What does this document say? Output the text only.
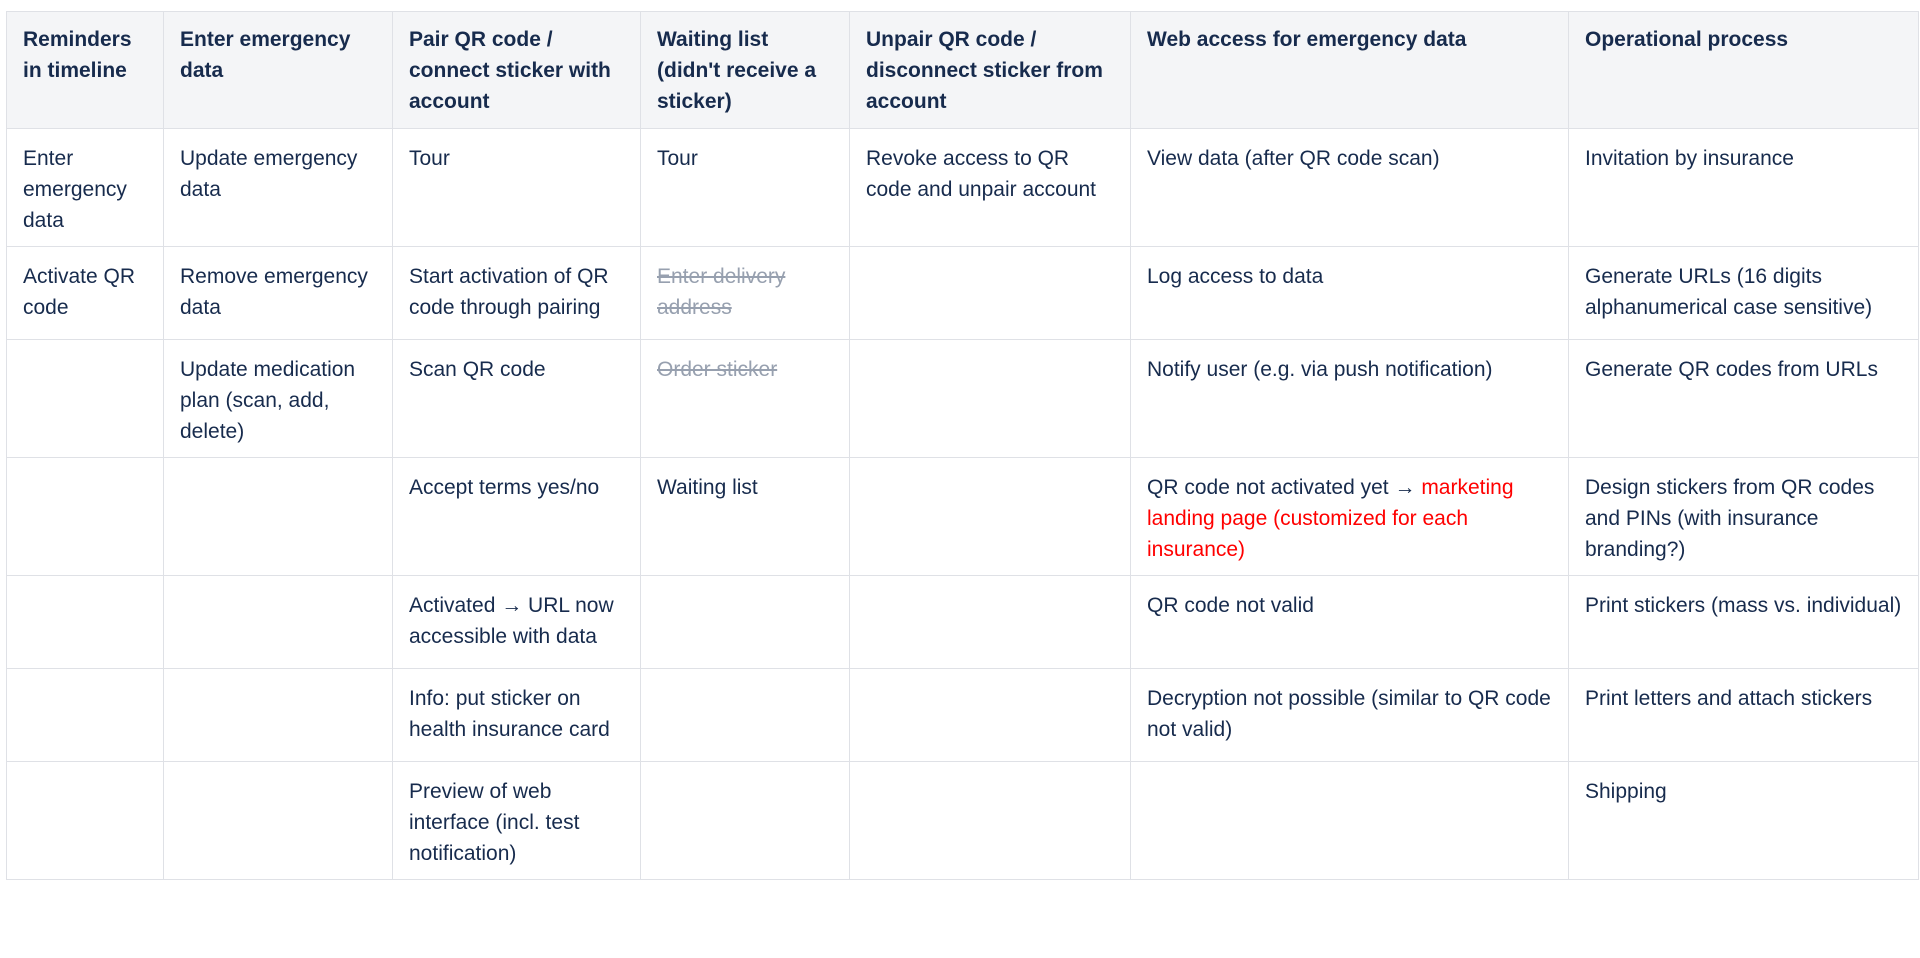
Reminders in timeline	Enter emergency data	Pair QR code / connect sticker with account	Waiting list (didn't receive a sticker)	Unpair QR code / disconnect sticker from account	Web access for emergency data	Operational process
Enter emergency data	Update emergency data	Tour	Tour	Revoke access to QR code and unpair account	View data (after QR code scan)	Invitation by insurance
Activate QR code	Remove emergency data	Start activation of QR code through pairing	Enter delivery address		Log access to data	Generate URLs (16 digits alphanumerical case sensitive)
	Update medication plan (scan, add, delete)	Scan QR code	Order sticker		Notify user (e.g. via push notification)	Generate QR codes from URLs
		Accept terms yes/no	Waiting list		QR code not activated yet → marketing landing page (customized for each insurance)	Design stickers from QR codes and PINs (with insurance branding?)
		Activated → URL now accessible with data			QR code not valid	Print stickers (mass vs. individual)
		Info: put sticker on health insurance card			Decryption not possible (similar to QR code not valid)	Print letters and attach stickers
		Preview of web interface (incl. test notification)				Shipping
